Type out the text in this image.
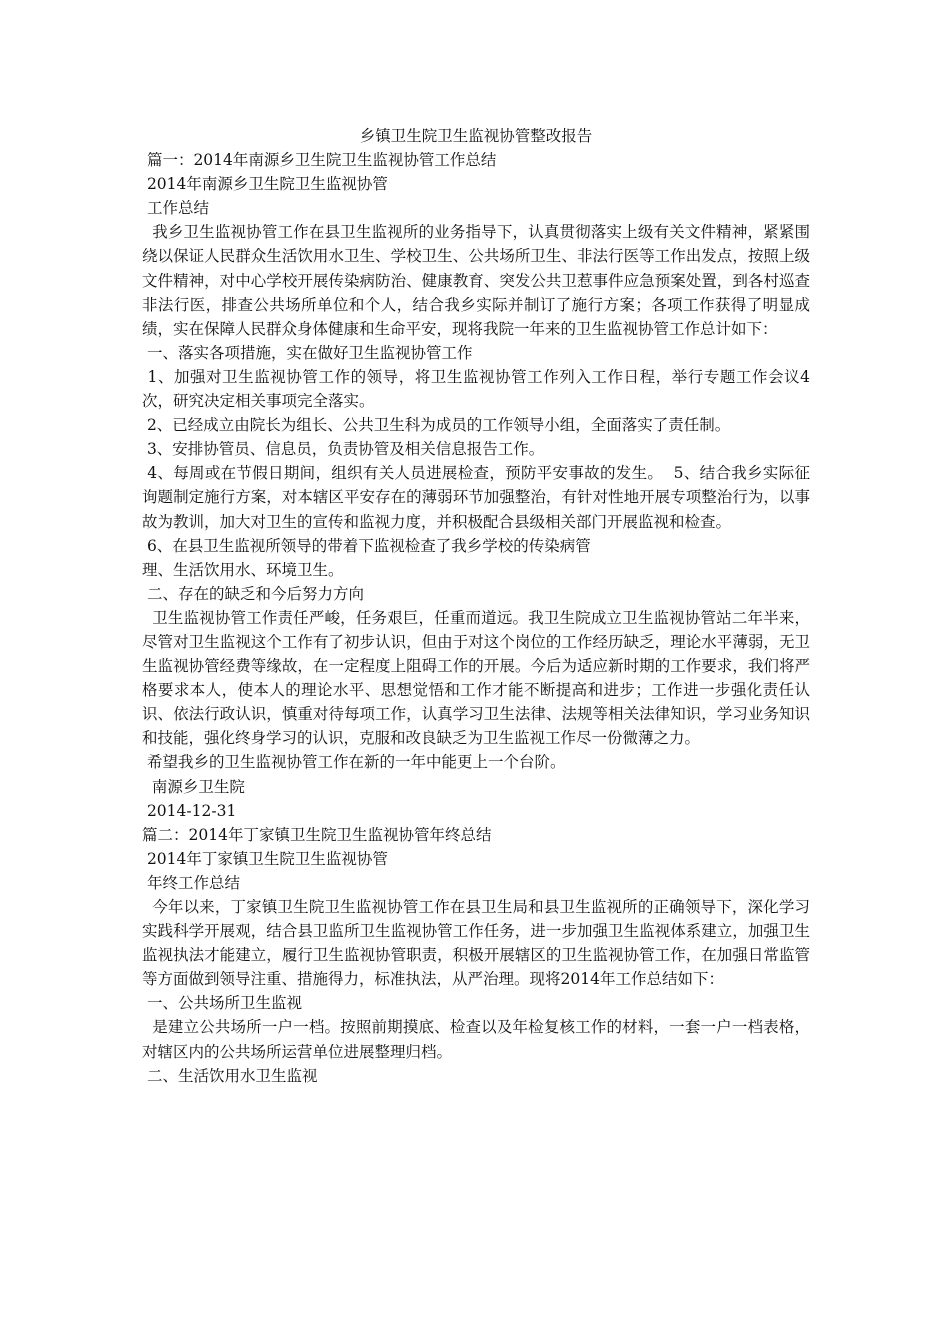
乡镇卫生院卫生监视协管整改报告

篇一：2014年南源乡卫生院卫生监视协管工作总结

2014年南源乡卫生院卫生监视协管

工作总结

我乡卫生监视协管工作在县卫生监视所的业务指导下，认真贯彻落实上级有关文件精神，紧紧围绕以保证人民群众生活饮用水卫生、学校卫生、公共场所卫生、非法行医等工作出发点，按照上级文件精神，对中心学校开展传染病防治、健康教育、突发公共卫惹事件应急预案处置，到各村巡查非法行医，排查公共场所单位和个人，结合我乡实际并制订了施行方案；各项工作获得了明显成绩，实在保障人民群众身体健康和生命平安，现将我院一年来的卫生监视协管工作总计如下：

一、落实各项措施，实在做好卫生监视协管工作

1、加强对卫生监视协管工作的领导，将卫生监视协管工作列入工作日程，举行专题工作会议4次，研究决定相关事项完全落实。

2、已经成立由院长为组长、公共卫生科为成员的工作领导小组，全面落实了责任制。

3、安排协管员、信息员，负责协管及相关信息报告工作。

4、每周或在节假日期间，组织有关人员进展检查，预防平安事故的发生。  5、结合我乡实际征询题制定施行方案，对本辖区平安存在的薄弱环节加强整治，有针对性地开展专项整治行为，以事故为教训，加大对卫生的宣传和监视力度，并积极配合县级相关部门开展监视和检查。

6、在县卫生监视所领导的带着下监视检查了我乡学校的传染病管

理、生活饮用水、环境卫生。

二、存在的缺乏和今后努力方向

卫生监视协管工作责任严峻，任务艰巨，任重而道远。我卫生院成立卫生监视协管站二年半来，尽管对卫生监视这个工作有了初步认识，但由于对这个岗位的工作经历缺乏，理论水平薄弱，无卫生监视协管经费等缘故，在一定程度上阻碍工作的开展。今后为适应新时期的工作要求，我们将严格要求本人，使本人的理论水平、思想觉悟和工作才能不断提高和进步；工作进一步强化责任认识、依法行政认识，慎重对待每项工作，认真学习卫生法律、法规等相关法律知识，学习业务知识和技能，强化终身学习的认识，克服和改良缺乏为卫生监视工作尽一份微薄之力。

希望我乡的卫生监视协管工作在新的一年中能更上一个台阶。

南源乡卫生院

2014-12-31

篇二：2014年丁家镇卫生院卫生监视协管年终总结

2014年丁家镇卫生院卫生监视协管

年终工作总结

今年以来，丁家镇卫生院卫生监视协管工作在县卫生局和县卫生监视所的正确领导下，深化学习实践科学开展观，结合县卫监所卫生监视协管工作任务，进一步加强卫生监视体系建立，加强卫生监视执法才能建立，履行卫生监视协管职责，积极开展辖区的卫生监视协管工作，在加强日常监管等方面做到领导注重、措施得力，标准执法，从严治理。现将2014年工作总结如下：

一、公共场所卫生监视

是建立公共场所一户一档。按照前期摸底、检查以及年检复核工作的材料，一套一户一档表格，对辖区内的公共场所运营单位进展整理归档。

二、生活饮用水卫生监视
